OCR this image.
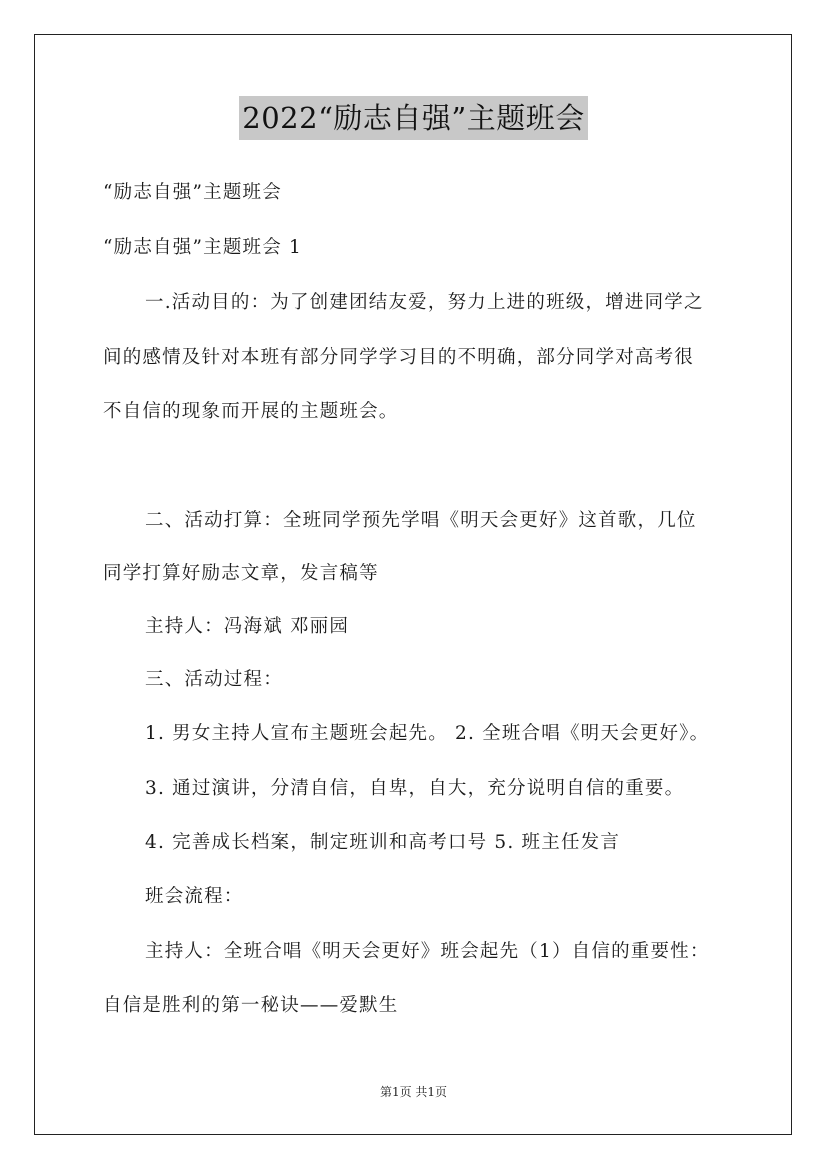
2022“励志自强”主题班会
“励志自强”主题班会
“励志自强”主题班会 1
一.活动目的：为了创建团结友爱，努力上进的班级，增进同学之
间的感情及针对本班有部分同学学习目的不明确，部分同学对高考很
不自信的现象而开展的主题班会。
二、活动打算：全班同学预先学唱《明天会更好》这首歌，几位
同学打算好励志文章，发言稿等
主持人：冯海斌 邓丽园
三、活动过程：
1. 男女主持人宣布主题班会起先。 2. 全班合唱《明天会更好》。
3. 通过演讲，分清自信，自卑，自大，充分说明自信的重要。
4. 完善成长档案，制定班训和高考口号 5. 班主任发言
班会流程：
主持人：全班合唱《明天会更好》班会起先（1）自信的重要性：
自信是胜利的第一秘诀——爱默生
第1页 共1页
